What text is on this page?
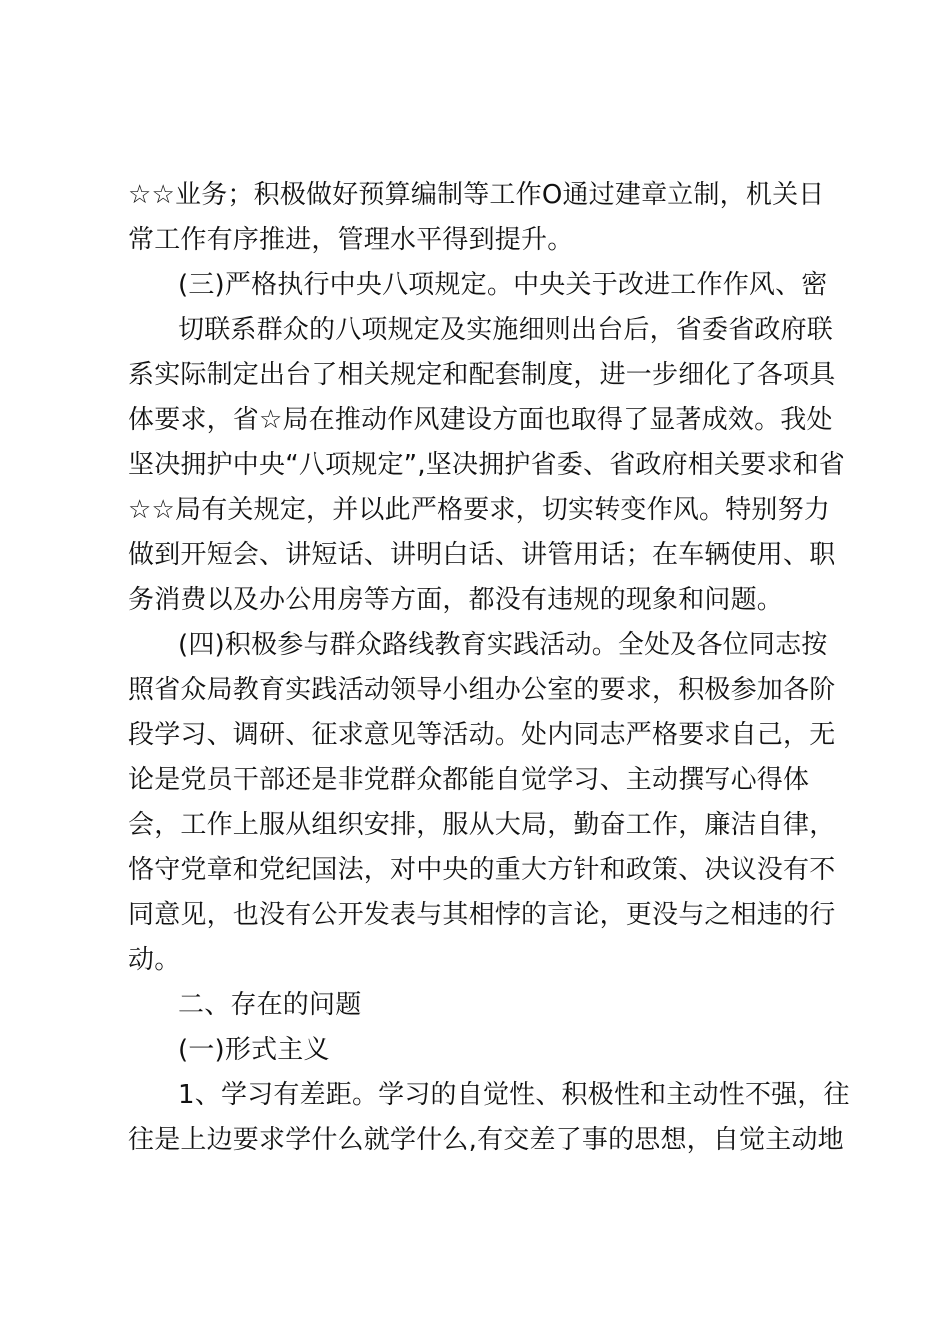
☆☆业务；积极做好预算编制等工作Ο通过建章立制，机关日

常工作有序推进，管理水平得到提升。

(三)严格执行中央八项规定。中央关于改进工作作风、密

切联系群众的八项规定及实施细则出台后，省委省政府联

系实际制定出台了相关规定和配套制度，进一步细化了各项具

体要求，省☆局在推动作风建设方面也取得了显著成效。我处

坚决拥护中央“八项规定”,坚决拥护省委、省政府相关要求和省

☆☆局有关规定，并以此严格要求，切实转变作风。特别努力

做到开短会、讲短话、讲明白话、讲管用话；在车辆使用、职

务消费以及办公用房等方面，都没有违规的现象和问题。

(四)积极参与群众路线教育实践活动。全处及各位同志按

照省众局教育实践活动领导小组办公室的要求，积极参加各阶

段学习、调研、征求意见等活动。处内同志严格要求自己，无

论是党员干部还是非党群众都能自觉学习、主动撰写心得体

会，工作上服从组织安排，服从大局，勤奋工作，廉洁自律，

恪守党章和党纪国法，对中央的重大方针和政策、决议没有不

同意见，也没有公开发表与其相悖的言论，更没与之相违的行

动。

二、存在的问题

(一)形式主义

1、学习有差距。学习的自觉性、积极性和主动性不强，往

往是上边要求学什么就学什么,有交差了事的思想，自觉主动地
